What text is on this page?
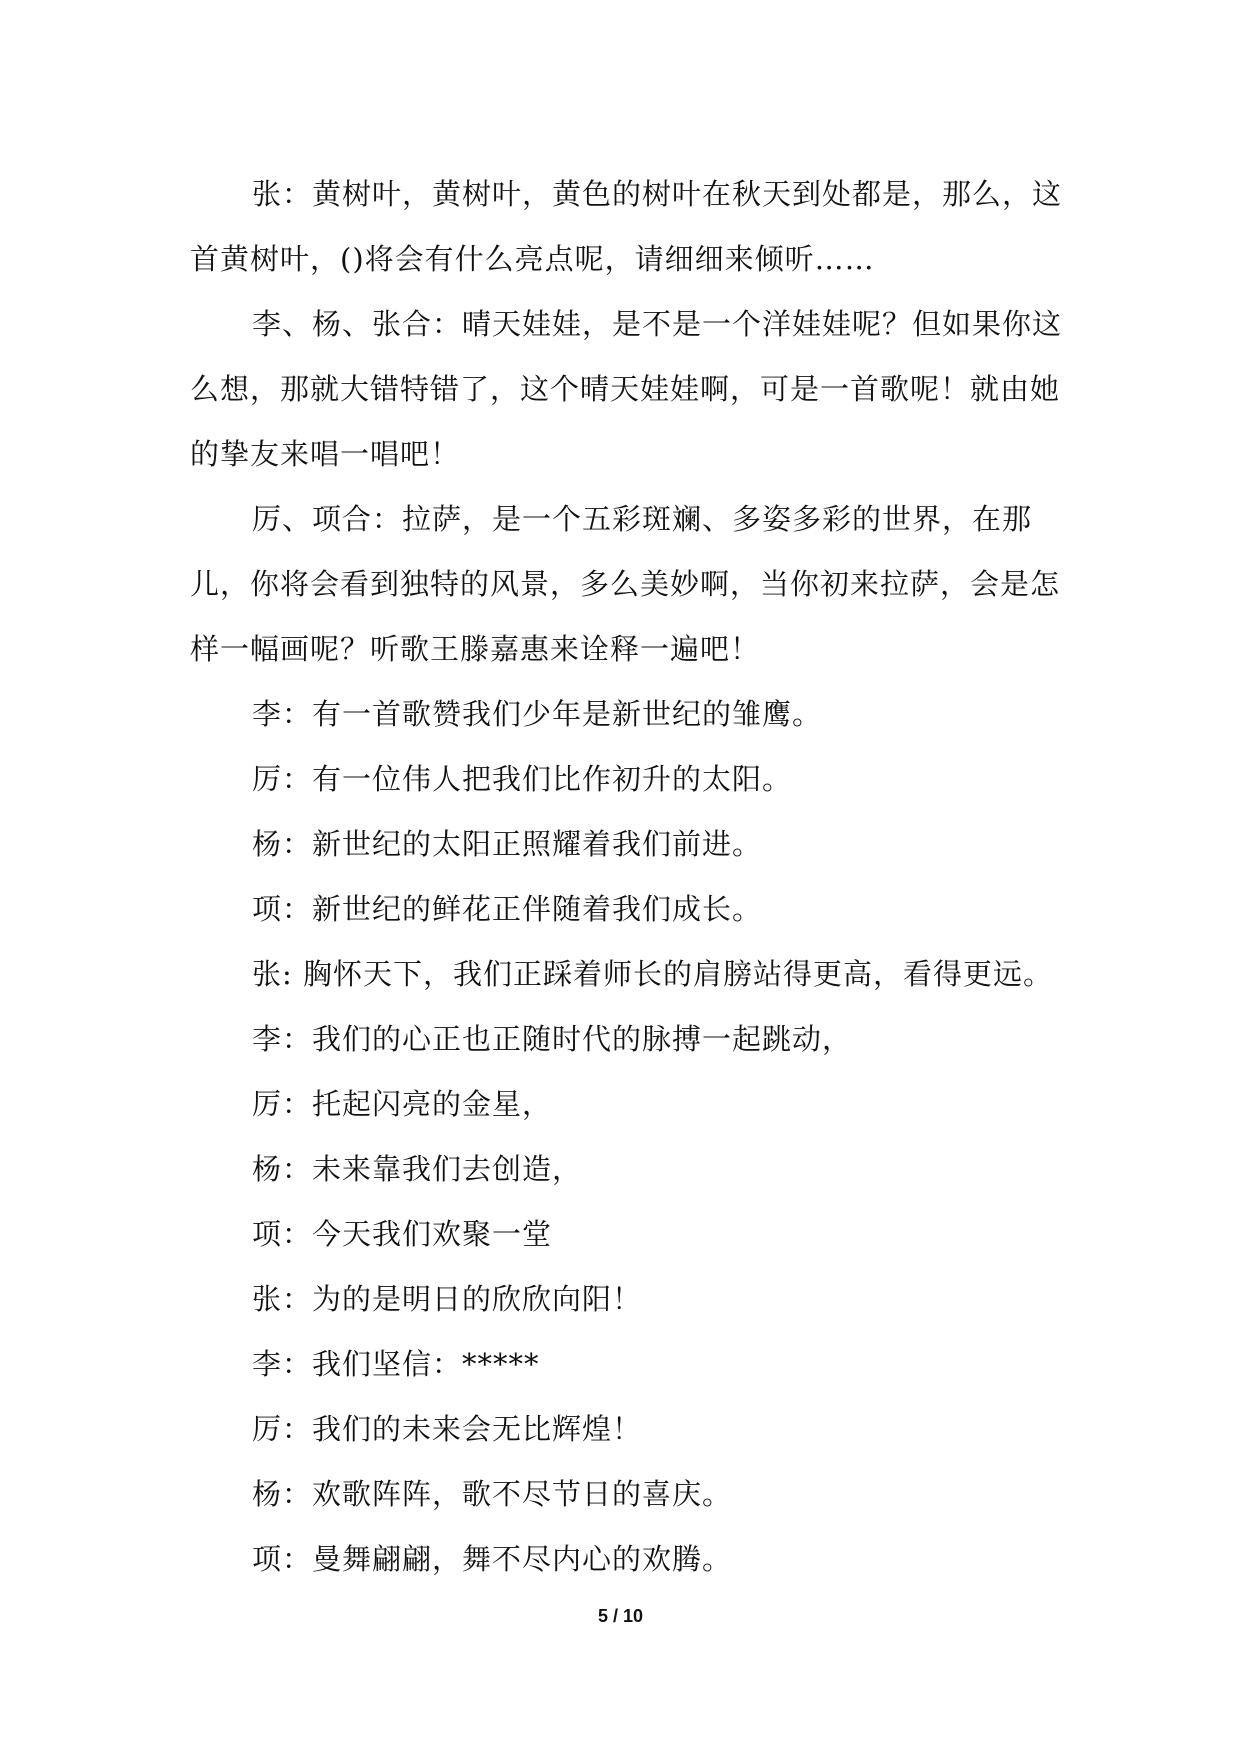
张：黄树叶，黄树叶，黄色的树叶在秋天到处都是，那么，这首黄树叶，()将会有什么亮点呢，请细细来倾听……

李、杨、张合：晴天娃娃，是不是一个洋娃娃呢？但如果你这么想，那就大错特错了，这个晴天娃娃啊，可是一首歌呢！就由她的挚友来唱一唱吧！

厉、项合：拉萨，是一个五彩斑斓、多姿多彩的世界，在那儿，你将会看到独特的风景，多么美妙啊，当你初来拉萨，会是怎样一幅画呢？听歌王滕嘉惠来诠释一遍吧！

李：有一首歌赞我们少年是新世纪的雏鹰。

厉：有一位伟人把我们比作初升的太阳。

杨：新世纪的太阳正照耀着我们前进。

项：新世纪的鲜花正伴随着我们成长。

张: 胸怀天下，我们正踩着师长的肩膀站得更高，看得更远。

李：我们的心正也正随时代的脉搏一起跳动，

厉：托起闪亮的金星，

杨：未来靠我们去创造，

项：今天我们欢聚一堂

张：为的是明日的欣欣向阳！

李：我们坚信：*****

厉：我们的未来会无比辉煌！

杨：欢歌阵阵，歌不尽节日的喜庆。

项：曼舞翩翩，舞不尽内心的欢腾。

5 / 10
